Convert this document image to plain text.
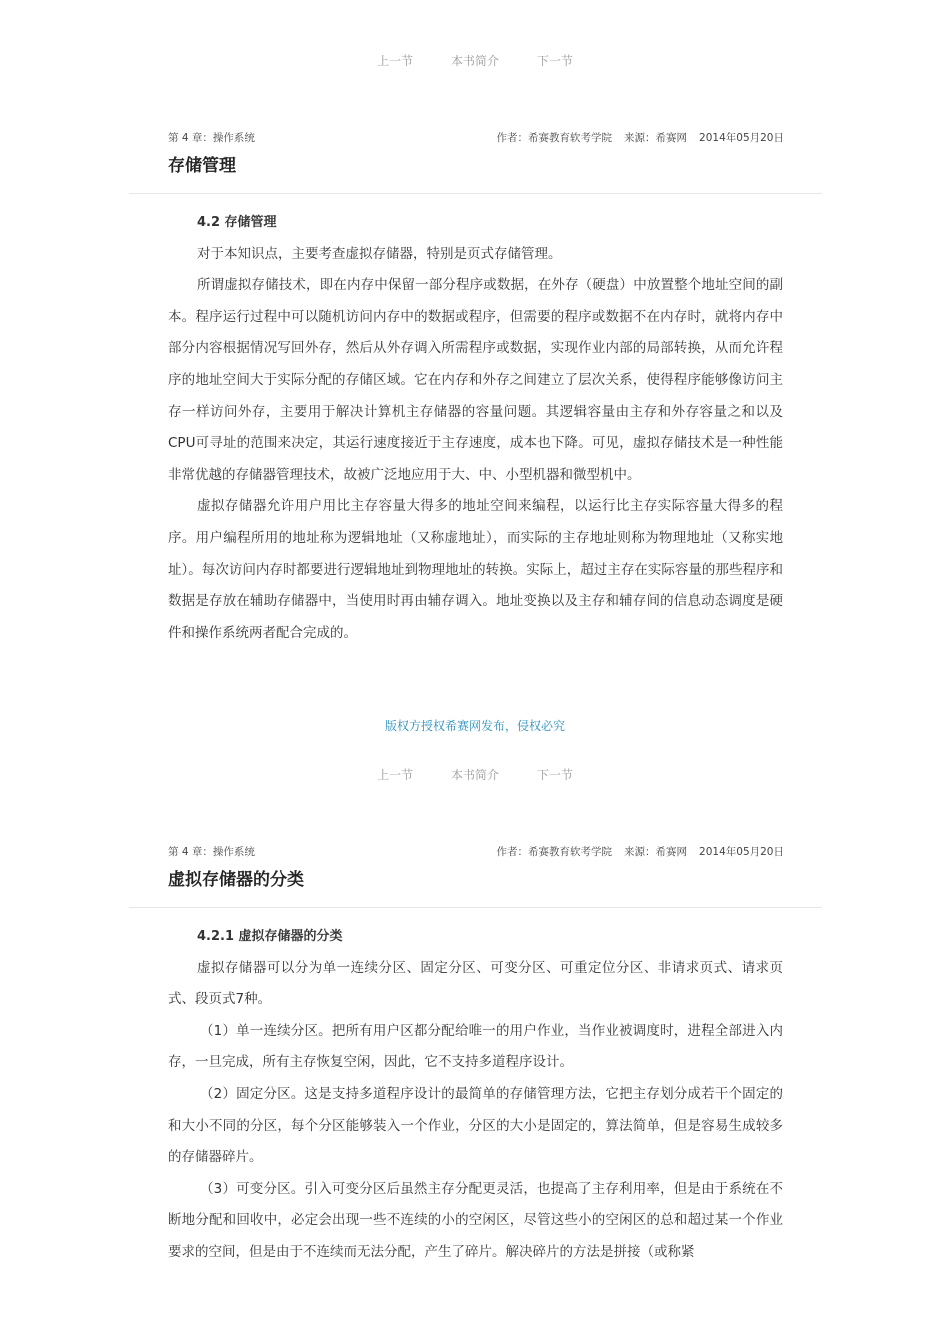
上一节	本书简介	下一节
第 4 章：操作系统	作者：希赛教育软考学院 来源：希赛网 2014年05月20日
存储管理

4.2 存储管理

对于本知识点，主要考查虚拟存储器，特别是页式存储管理。

所谓虚拟存储技术，即在内存中保留一部分程序或数据，在外存（硬盘）中放置整个地址空间的副本。程序运行过程中可以随机访问内存中的数据或程序，但需要的程序或数据不在内存时，就将内存中部分内容根据情况写回外存，然后从外存调入所需程序或数据，实现作业内部的局部转换，从而允许程序的地址空间大于实际分配的存储区域。它在内存和外存之间建立了层次关系，使得程序能够像访问主存一样访问外存，主要用于解决计算机主存储器的容量问题。其逻辑容量由主存和外存容量之和以及CPU可寻址的范围来决定，其运行速度接近于主存速度，成本也下降。可见，虚拟存储技术是一种性能非常优越的存储器管理技术，故被广泛地应用于大、中、小型机器和微型机中。

虚拟存储器允许用户用比主存容量大得多的地址空间来编程，以运行比主存实际容量大得多的程序。用户编程所用的地址称为逻辑地址（又称虚地址），而实际的主存地址则称为物理地址（又称实地址）。每次访问内存时都要进行逻辑地址到物理地址的转换。实际上，超过主存在实际容量的那些程序和数据是存放在辅助存储器中，当使用时再由辅存调入。地址变换以及主存和辅存间的信息动态调度是硬件和操作系统两者配合完成的。

版权方授权希赛网发布，侵权必究
上一节	本书简介	下一节
第 4 章：操作系统	作者：希赛教育软考学院 来源：希赛网 2014年05月20日
虚拟存储器的分类

4.2.1 虚拟存储器的分类

虚拟存储器可以分为单一连续分区、固定分区、可变分区、可重定位分区、非请求页式、请求页式、段页式7种。

（1）单一连续分区。把所有用户区都分配给唯一的用户作业，当作业被调度时，进程全部进入内存，一旦完成，所有主存恢复空闲，因此，它不支持多道程序设计。

（2）固定分区。这是支持多道程序设计的最简单的存储管理方法，它把主存划分成若干个固定的和大小不同的分区，每个分区能够装入一个作业，分区的大小是固定的，算法简单，但是容易生成较多的存储器碎片。

（3）可变分区。引入可变分区后虽然主存分配更灵活，也提高了主存利用率，但是由于系统在不断地分配和回收中，必定会出现一些不连续的小的空闲区，尽管这些小的空闲区的总和超过某一个作业要求的空间，但是由于不连续而无法分配，产生了碎片。解决碎片的方法是拼接（或称紧
